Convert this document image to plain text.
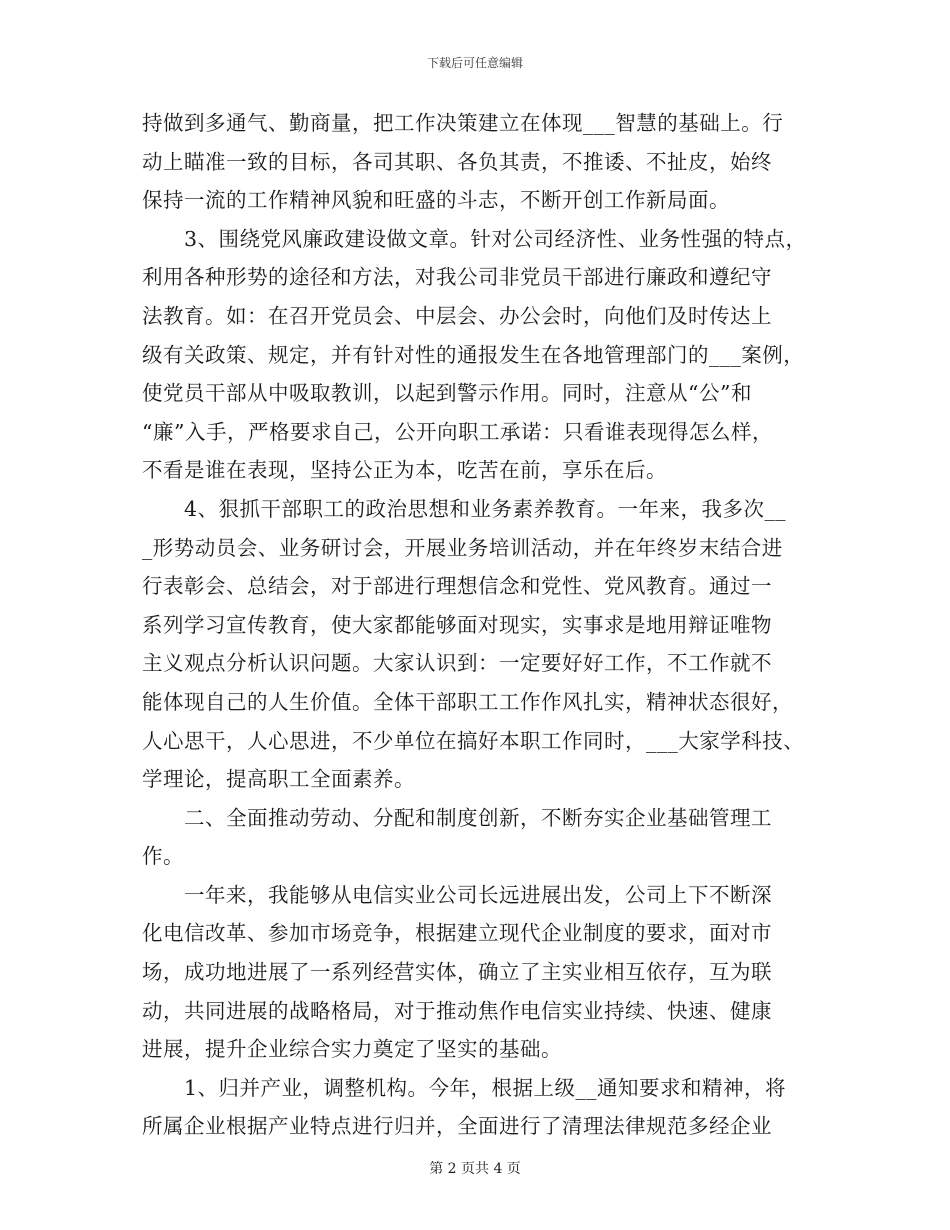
下载后可任意编辑
持做到多通气、勤商量，把工作决策建立在体现___智慧的基础上。行
动上瞄准一致的目标，各司其职、各负其责，不推诿、不扯皮，始终
保持一流的工作精神风貌和旺盛的斗志，不断开创工作新局面。
3、围绕党风廉政建设做文章。针对公司经济性、业务性强的特点，
利用各种形势的途径和方法，对我公司非党员干部进行廉政和遵纪守
法教育。如：在召开党员会、中层会、办公会时，向他们及时传达上
级有关政策、规定，并有针对性的通报发生在各地管理部门的___案例，
使党员干部从中吸取教训，以起到警示作用。同时，注意从“公”和
“廉”入手，严格要求自己，公开向职工承诺：只看谁表现得怎么样，
不看是谁在表现，坚持公正为本，吃苦在前，享乐在后。
4、狠抓干部职工的政治思想和业务素养教育。一年来，我多次__
_形势动员会、业务研讨会，开展业务培训活动，并在年终岁末结合进
行表彰会、总结会，对于部进行理想信念和党性、党风教育。通过一
系列学习宣传教育，使大家都能够面对现实，实事求是地用辩证唯物
主义观点分析认识问题。大家认识到：一定要好好工作，不工作就不
能体现自己的人生价值。全体干部职工工作作风扎实，精神状态很好，
人心思干，人心思进，不少单位在搞好本职工作同时，___大家学科技、
学理论，提高职工全面素养。
二、全面推动劳动、分配和制度创新，不断夯实企业基础管理工
作。
一年来，我能够从电信实业公司长远进展出发，公司上下不断深
化电信改革、参加市场竞争，根据建立现代企业制度的要求，面对市
场，成功地进展了一系列经营实体，确立了主实业相互依存，互为联
动，共同进展的战略格局，对于推动焦作电信实业持续、快速、健康
进展，提升企业综合实力奠定了坚实的基础。
1、归并产业，调整机构。今年，根据上级__通知要求和精神，将
所属企业根据产业特点进行归并，全面进行了清理法律规范多经企业
第 2 页共 4 页
